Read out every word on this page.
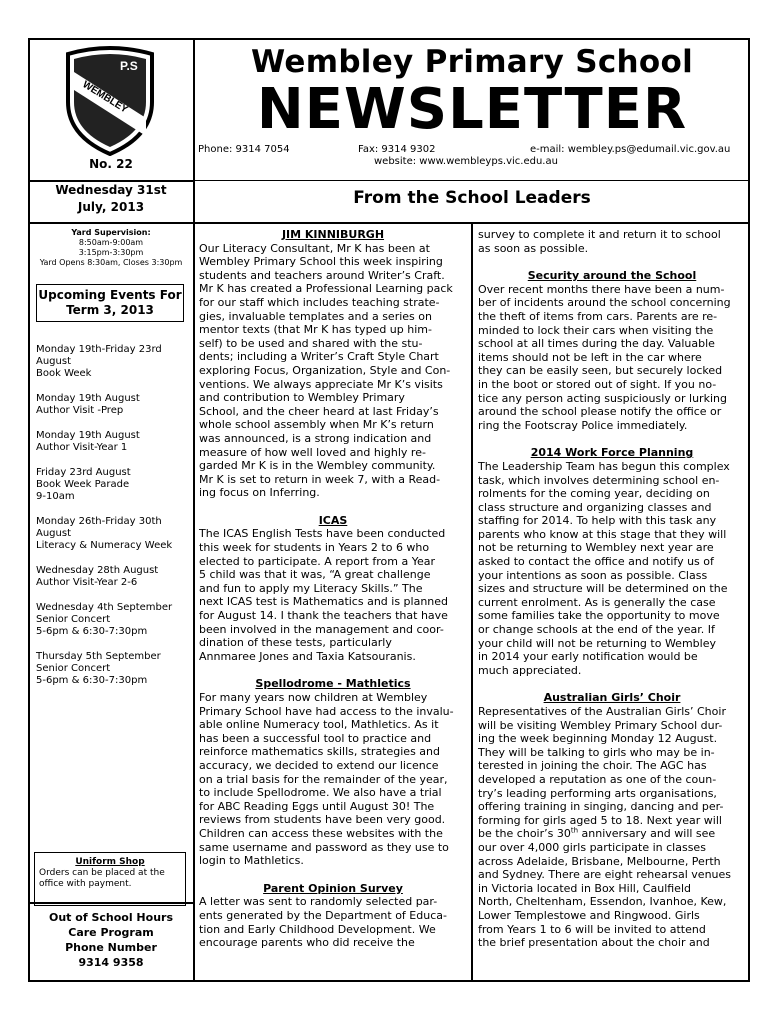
P.S
WEMBLEY
No. 22
Wembley Primary School
NEWSLETTER
Phone: 9314 7054	Fax: 9314 9302	e-mail: wembley.ps@edumail.vic.gov.au
website: www.wembleyps.vic.edu.au
Wednesday 31st
July, 2013	From the School Leaders
Yard Supervision:
8:50am-9:00am
3:15pm-3:30pm
Yard Opens 8:30am, Closes 3:30pm
Upcoming Events For
Term 3, 2013
Monday 19th-Friday 23rd
August
Book Week
Monday 19th August
Author Visit -Prep
Monday 19th August
Author Visit-Year 1
Friday 23rd August
Book Week Parade
9-10am
Monday 26th-Friday 30th
August
Literacy & Numeracy Week
Wednesday 28th August
Author Visit-Year 2-6
Wednesday 4th September
Senior Concert
5-6pm & 6:30-7:30pm
Thursday 5th September
Senior Concert
5-6pm & 6:30-7:30pm
Uniform Shop
Orders can be placed at the office with payment.
Out of School Hours
Care Program
Phone Number
9314 9358
JIM KINNIBURGH

Our Literacy Consultant, Mr K has been at
Wembley Primary School this week inspiring
students and teachers around Writer’s Craft.
Mr K has created a Professional Learning pack
for our staff which includes teaching strate-
gies, invaluable templates and a series on
mentor texts (that Mr K has typed up him-
self) to be used and shared with the stu-
dents; including a Writer’s Craft Style Chart
exploring Focus, Organization, Style and Con-
ventions. We always appreciate Mr K’s visits
and contribution to Wembley Primary
School, and the cheer heard at last Friday’s
whole school assembly when Mr K’s return
was announced, is a strong indication and
measure of how well loved and highly re-
garded Mr K is in the Wembley community.
Mr K is set to return in week 7, with a Read-
ing focus on Inferring.

ICAS

The ICAS English Tests have been conducted
this week for students in Years 2 to 6 who
elected to participate. A report from a Year
5 child was that it was, “A great challenge
and fun to apply my Literacy Skills.” The
next ICAS test is Mathematics and is planned
for August 14. I thank the teachers that have
been involved in the management and coor-
dination of these tests, particularly
Annmaree Jones and Taxia Katsouranis.

Spellodrome - Mathletics

For many years now children at Wembley
Primary School have had access to the invalu-
able online Numeracy tool, Mathletics. As it
has been a successful tool to practice and
reinforce mathematics skills, strategies and
accuracy, we decided to extend our licence
on a trial basis for the remainder of the year,
to include Spellodrome. We also have a trial
for ABC Reading Eggs until August 30! The
reviews from students have been very good.
Children can access these websites with the
same username and password as they use to
login to Mathletics.

Parent Opinion Survey

A letter was sent to randomly selected par-
ents generated by the Department of Educa-
tion and Early Childhood Development. We
encourage parents who did receive the

survey to complete it and return it to school
as soon as possible.

Security around the School

Over recent months there have been a num-
ber of incidents around the school concerning
the theft of items from cars. Parents are re-
minded to lock their cars when visiting the
school at all times during the day. Valuable
items should not be left in the car where
they can be easily seen, but securely locked
in the boot or stored out of sight. If you no-
tice any person acting suspiciously or lurking
around the school please notify the office or
ring the Footscray Police immediately.

2014 Work Force Planning

The Leadership Team has begun this complex
task, which involves determining school en-
rolments for the coming year, deciding on
class structure and organizing classes and
staffing for 2014. To help with this task any
parents who know at this stage that they will
not be returning to Wembley next year are
asked to contact the office and notify us of
your intentions as soon as possible. Class
sizes and structure will be determined on the
current enrolment. As is generally the case
some families take the opportunity to move
or change schools at the end of the year. If
your child will not be returning to Wembley
in 2014 your early notification would be
much appreciated.

Australian Girls’ Choir

Representatives of the Australian Girls’ Choir
will be visiting Wembley Primary School dur-
ing the week beginning Monday 12 August.
They will be talking to girls who may be in-
terested in joining the choir. The AGC has
developed a reputation as one of the coun-
try’s leading performing arts organisations,
offering training in singing, dancing and per-
forming for girls aged 5 to 18. Next year will
be the choir’s 30th anniversary and will see
our over 4,000 girls participate in classes
across Adelaide, Brisbane, Melbourne, Perth
and Sydney. There are eight rehearsal venues
in Victoria located in Box Hill, Caulfield
North, Cheltenham, Essendon, Ivanhoe, Kew,
Lower Templestowe and Ringwood. Girls
from Years 1 to 6 will be invited to attend
the brief presentation about the choir and
